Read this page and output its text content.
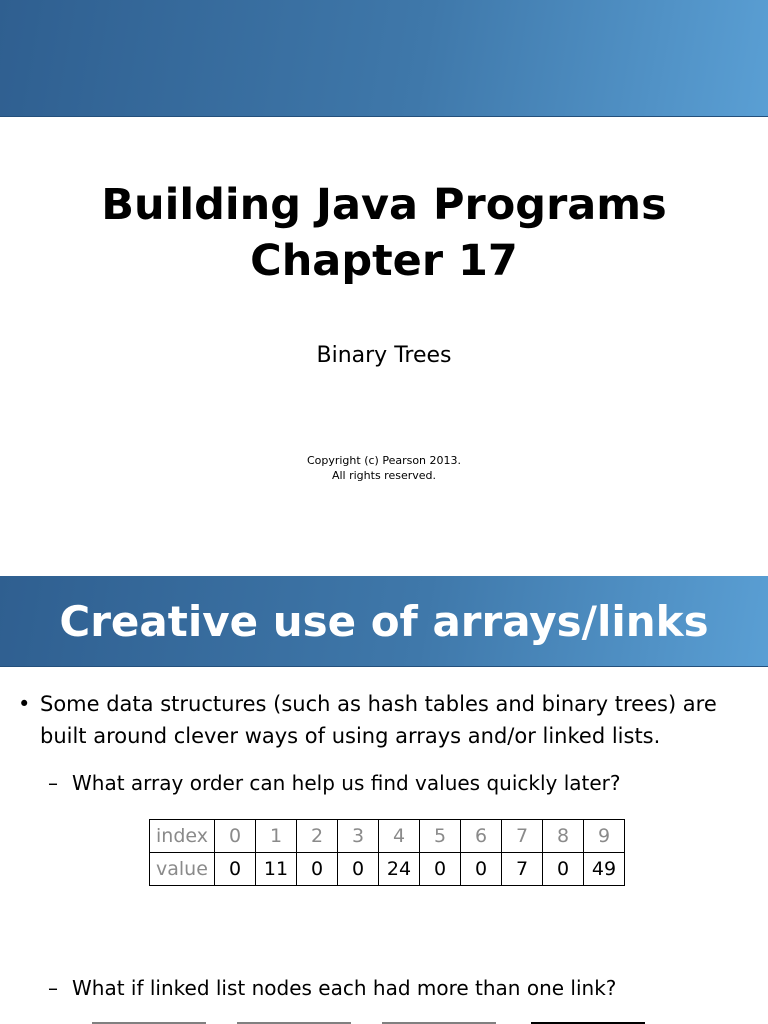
Building Java Programs
Chapter 17
Binary Trees
Copyright (c) Pearson 2013.
All rights reserved.
Creative use of arrays/links
• Some data structures (such as hash tables and binary trees) are built around clever ways of using arrays and/or linked lists.
– What array order can help us find values quickly later?
index	0	1	2	3	4	5	6	7	8	9
value	0	11	0	0	24	0	0	7	0	49
– What if linked list nodes each had more than one link?
